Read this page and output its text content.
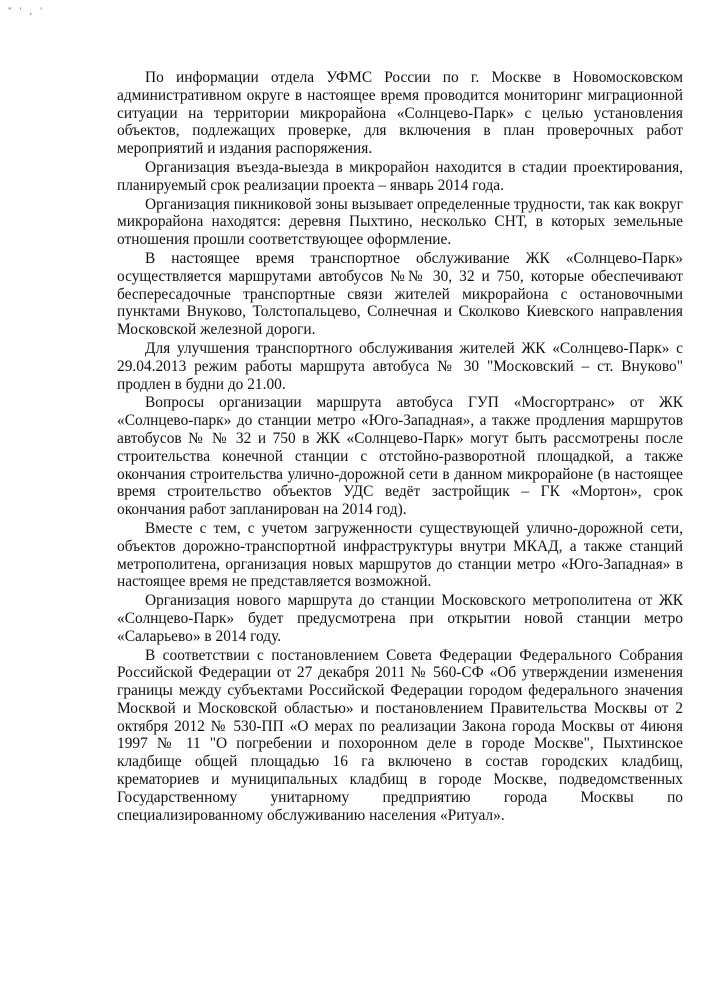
" ' , '

По информации отдела УФМС России по г. Москве в Новомосковском административном округе в настоящее время проводится мониторинг миграционной ситуации на территории микрорайона «Солнцево-Парк» с целью установления объектов, подлежащих проверке, для включения в план проверочных работ мероприятий и издания распоряжения.

Организация въезда-выезда в микрорайон находится в стадии проектирования, планируемый срок реализации проекта – январь 2014 года.

Организация пикниковой зоны вызывает определенные трудности, так как вокруг микрорайона находятся: деревня Пыхтино, несколько СНТ, в которых земельные отношения прошли соответствующее оформление.

В настоящее время транспортное обслуживание ЖК «Солнцево-Парк» осуществляется маршрутами автобусов №№ 30, 32 и 750, которые обеспечивают беспересадочные транспортные связи жителей микрорайона с остановочными пунктами Внуково, Толстопальцево, Солнечная и Сколково Киевского направления Московской железной дороги.

Для улучшения транспортного обслуживания жителей ЖК «Солнцево-Парк» с 29.04.2013 режим работы маршрута автобуса № 30 "Московский – ст. Внуково" продлен в будни до 21.00.

Вопросы организации маршрута автобуса ГУП «Мосгортранс» от ЖК «Солнцево-парк» до станции метро «Юго-Западная», а также продления маршрутов автобусов № № 32 и 750 в ЖК «Солнцево-Парк» могут быть рассмотрены после строительства конечной станции с отстойно-разворотной площадкой, а также окончания строительства улично-дорожной сети в данном микрорайоне (в настоящее время строительство объектов УДС ведёт застройщик – ГК «Мортон», срок окончания работ запланирован на 2014 год).

Вместе с тем, с учетом загруженности существующей улично-дорожной сети, объектов дорожно-транспортной инфраструктуры внутри МКАД, а также станций метрополитена, организация новых маршрутов до станции метро «Юго-Западная» в настоящее время не представляется возможной.

Организация нового маршрута до станции Московского метрополитена от ЖК «Солнцево-Парк» будет предусмотрена при открытии новой станции метро «Саларьево» в 2014 году.

В соответствии с постановлением Совета Федерации Федерального Собрания Российской Федерации от 27 декабря 2011 № 560-СФ «Об утверждении изменения границы между субъектами Российской Федерации городом федерального значения Москвой и Московской областью» и постановлением Правительства Москвы от 2 октября 2012 № 530-ПП «О мерах по реализации Закона города Москвы от 4июня 1997 № 11 "О погребении и похоронном деле в городе Москве", Пыхтинское кладбище общей площадью 16 га включено в состав городских кладбищ, крематориев и муниципальных кладбищ в городе Москве, подведомственных Государственному унитарному предприятию города Москвы по специализированному обслуживанию населения «Ритуал».
